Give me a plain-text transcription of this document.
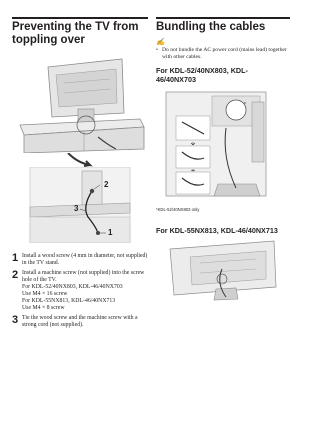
Preventing the TV from toppling over
2
3
1
1 Install a wood screw (4 mm in diameter, not supplied) in the TV stand.
2 Install a machine screw (not supplied) into the screw hole of the TV.
For KDL-52/40NX803, KDL-46/40NX703
Use M4 × 16 screw
For KDL-55NX813, KDL-46/40NX713
Use M4 × 8 screw
3 Tie the wood screw and the machine screw with a strong cord (not supplied).
Bundling the cables
✍
• Do not bundle the AC power cord (mains lead) together with other cables.
For KDL-52/40NX803, KDL-46/40NX703
*
*KDL-52/40NX803 only
For KDL-55NX813, KDL-46/40NX713
